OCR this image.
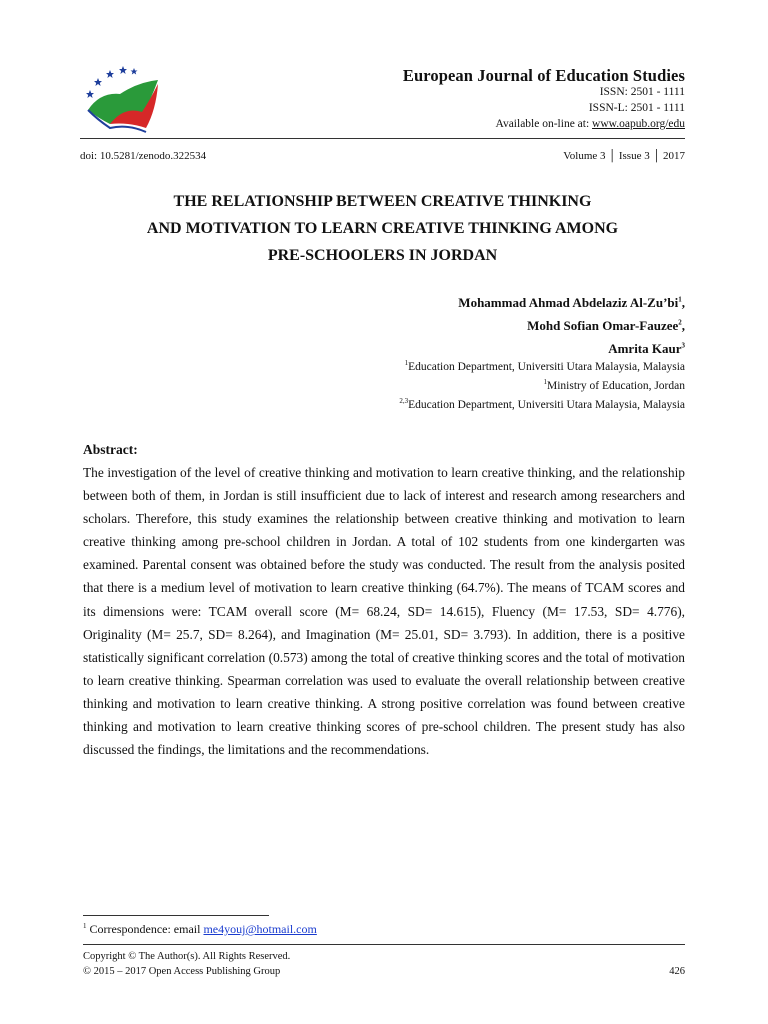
European Journal of Education Studies
ISSN: 2501 - 1111
ISSN-L: 2501 - 1111
Available on-line at: www.oapub.org/edu
doi: 10.5281/zenodo.322534	Volume 3 │ Issue 3 │ 2017
THE RELATIONSHIP BETWEEN CREATIVE THINKING
AND MOTIVATION TO LEARN CREATIVE THINKING AMONG
PRE-SCHOOLERS IN JORDAN
Mohammad Ahmad Abdelaziz $Al-Zu’bi^1$,
Mohd Sofian Omar-Fauzee$^2$,
Amrita Kaur$^3$
$^1$Education Department, Universiti Utara Malaysia, Malaysia
$^1$Ministry of Education, Jordan
$^{2,3}$Education Department, Universiti Utara Malaysia, Malaysia
Abstract:
The investigation of the level of creative thinking and motivation to learn creative thinking, and the relationship between both of them, in Jordan is still insufficient due to lack of interest and research among researchers and scholars. Therefore, this study examines the relationship between creative thinking and motivation to learn creative thinking among pre-school children in Jordan. A total of 102 students from one kindergarten was examined. Parental consent was obtained before the study was conducted. The result from the analysis posited that there is a medium level of motivation to learn creative thinking (64.7%). The means of TCAM scores and its dimensions were: TCAM overall score (M= 68.24, SD= 14.615), Fluency (M= 17.53, SD= 4.776), Originality (M= 25.7, SD= 8.264), and Imagination (M= 25.01, SD= 3.793). In addition, there is a positive statistically significant correlation (0.573) among the total of creative thinking scores and the total of motivation to learn creative thinking. Spearman correlation was used to evaluate the overall relationship between creative thinking and motivation to learn creative thinking. A strong positive correlation was found between creative thinking and motivation to learn creative thinking scores of pre-school children. The present study has also discussed the findings, the limitations and the recommendations.
$^1$ Correspondence: email me4youj@hotmail.com
Copyright © The Author(s). All Rights Reserved.
© 2015 – 2017 Open Access Publishing Group	426
